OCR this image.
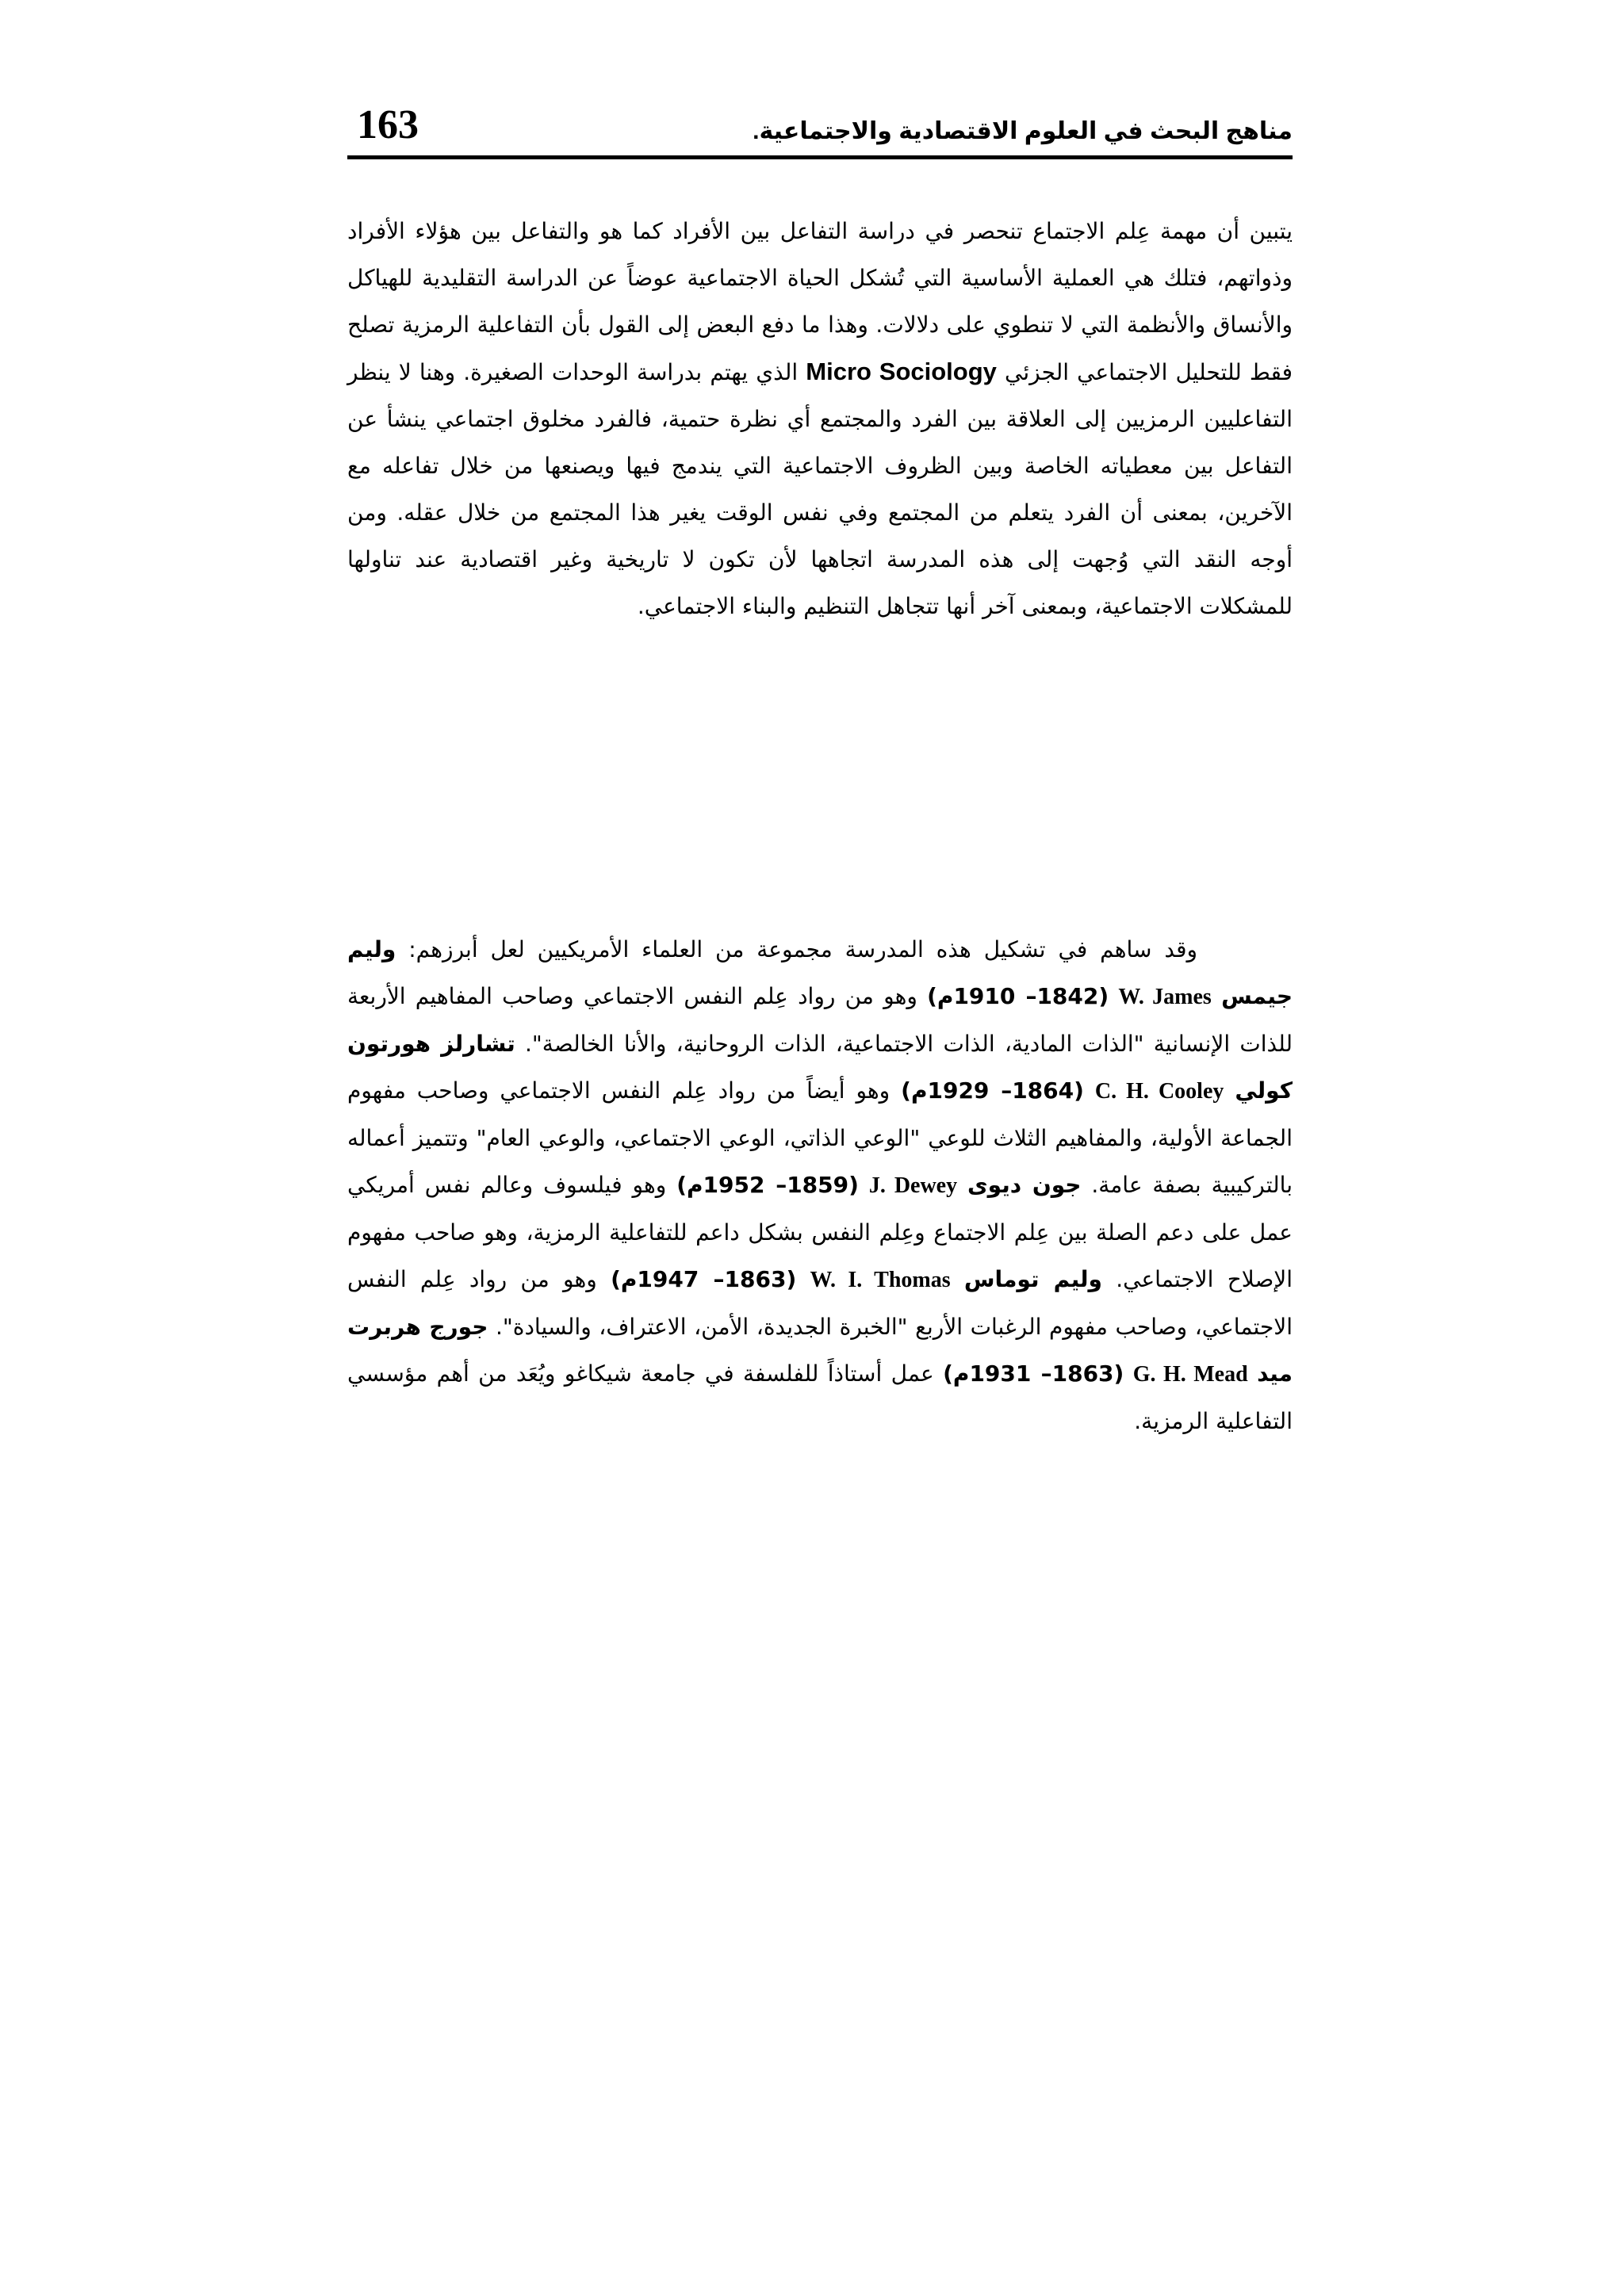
163	مناهج البحث في العلوم الاقتصادية والاجتماعية.

يتبين أن مهمة عِلم الاجتماع تنحصر في دراسة التفاعل بين الأفراد كما هو والتفاعل بين هؤلاء الأفراد وذواتهم، فتلك هي العملية الأساسية التي تُشكل الحياة الاجتماعية عوضاً عن الدراسة التقليدية للهياكل والأنساق والأنظمة التي لا تنطوي على دلالات. وهذا ما دفع البعض إلى القول بأن التفاعلية الرمزية تصلح فقط للتحليل الاجتماعي الجزئي Micro Sociology الذي يهتم بدراسة الوحدات الصغيرة. وهنا لا ينظر التفاعليين الرمزيين إلى العلاقة بين الفرد والمجتمع أي نظرة حتمية، فالفرد مخلوق اجتماعي ينشأ عن التفاعل بين معطياته الخاصة وبين الظروف الاجتماعية التي يندمج فيها ويصنعها من خلال تفاعله مع الآخرين، بمعنى أن الفرد يتعلم من المجتمع وفي نفس الوقت يغير هذا المجتمع من خلال عقله. ومن أوجه النقد التي وُجهت إلى هذه المدرسة اتجاهها لأن تكون لا تاريخية وغير اقتصادية عند تناولها للمشكلات الاجتماعية، وبمعنى آخر أنها تتجاهل التنظيم والبناء الاجتماعي.

وقد ساهم في تشكيل هذه المدرسة مجموعة من العلماء الأمريكيين لعل أبرزهم: وليم جيمس W. James (1842– 1910م) وهو من رواد عِلم النفس الاجتماعي وصاحب المفاهيم الأربعة للذات الإنسانية "الذات المادية، الذات الاجتماعية، الذات الروحانية، والأنا الخالصة". تشارلز هورتون كولي C. H. Cooley (1864– 1929م) وهو أيضاً من رواد عِلم النفس الاجتماعي وصاحب مفهوم الجماعة الأولية، والمفاهيم الثلاث للوعي "الوعي الذاتي، الوعي الاجتماعي، والوعي العام" وتتميز أعماله بالتركيبية بصفة عامة. جون ديوى J. Dewey (1859– 1952م) وهو فيلسوف وعالم نفس أمريكي عمل على دعم الصلة بين عِلم الاجتماع وعِلم النفس بشكل داعم للتفاعلية الرمزية، وهو صاحب مفهوم الإصلاح الاجتماعي. وليم توماس W. I. Thomas (1863– 1947م) وهو من رواد عِلم النفس الاجتماعي، وصاحب مفهوم الرغبات الأربع "الخبرة الجديدة، الأمن، الاعتراف، والسيادة". جورج هربرت ميد G. H. Mead (1863– 1931م) عمل أستاذاً للفلسفة في جامعة شيكاغو ويُعَد من أهم مؤسسي التفاعلية الرمزية.
